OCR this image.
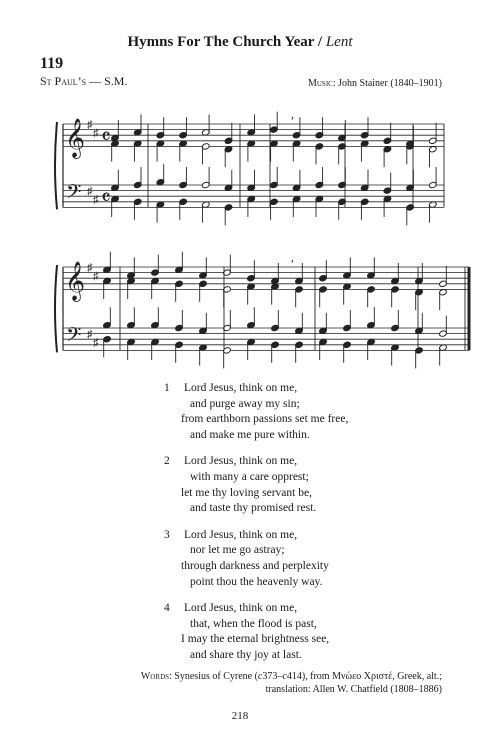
Hymns For The Church Year / Lent
119
St Paul’s — S.M.	Music: John Stainer (1840–1901)
𝄞
𝄢
♯
♯
♯
♯
𝄴
𝄴
,
𝄞
𝄢
♯
♯
♯
♯
,
1	Lord Jesus, think on me,
and purge away my sin;
from earthborn passions set me free,
and make me pure within.
2	Lord Jesus, think on me,
with many a care opprest;
let me thy loving servant be,
and taste thy promised rest.
3	Lord Jesus, think on me,
nor let me go astray;
through darkness and perplexity
point thou the heavenly way.
4	Lord Jesus, think on me,
that, when the flood is past,
I may the eternal brightness see,
and share thy joy at last.
Words: Synesius of Cyrene (c373–c414), from Μνώεο Χριστέ, Greek, alt.;
translation: Allen W. Chatfield (1808–1886)
218
